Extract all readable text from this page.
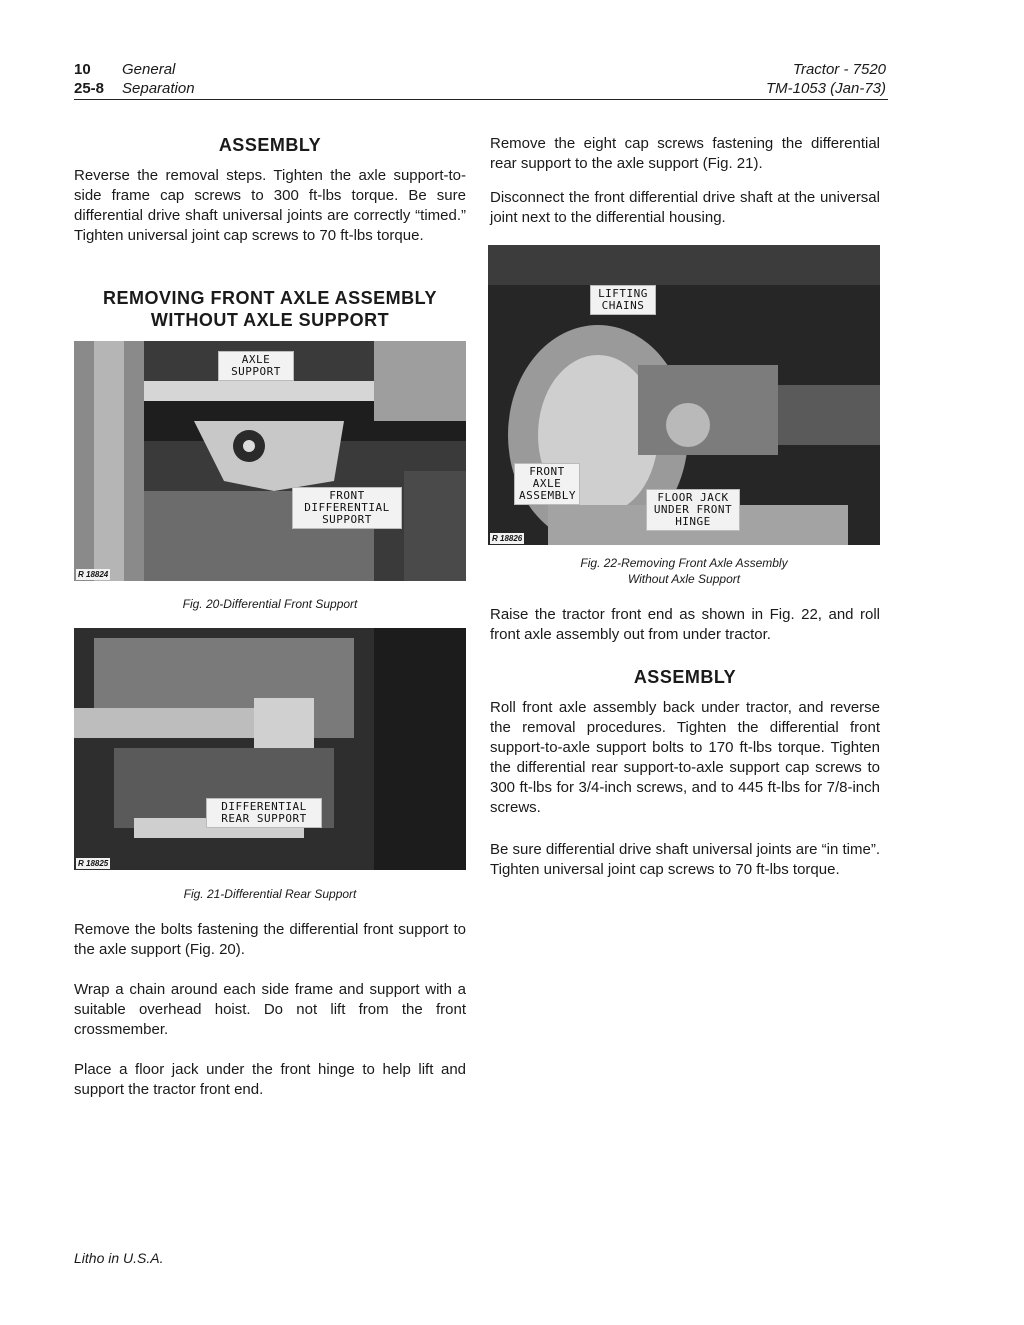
10 General
25-8 Separation
Tractor - 7520
TM-1053 (Jan-73)
ASSEMBLY

Reverse the removal steps. Tighten the axle support-to-side frame cap screws to 300 ft-lbs torque. Be sure differential drive shaft universal joints are correctly “timed.” Tighten universal joint cap screws to 70 ft-lbs torque.

REMOVING FRONT AXLE ASSEMBLY
WITHOUT AXLE SUPPORT
AXLE SUPPORT
FRONT DIFFERENTIAL SUPPORT
R 18824
Fig. 20-Differential Front Support
DIFFERENTIAL REAR SUPPORT
R 18825
Fig. 21-Differential Rear Support

Remove the bolts fastening the differential front support to the axle support (Fig. 20).

Wrap a chain around each side frame and support with a suitable overhead hoist. Do not lift from the front crossmember.

Place a floor jack under the front hinge to help lift and support the tractor front end.

Remove the eight cap screws fastening the differential rear support to the axle support (Fig. 21).

Disconnect the front differential drive shaft at the universal joint next to the differential housing.

LIFTING CHAINS
FRONT AXLE ASSEMBLY	FLOOR JACK UNDER FRONT HINGE
R 18826
Fig. 22-Removing Front Axle Assembly
Without Axle Support

Raise the tractor front end as shown in Fig. 22, and roll front axle assembly out from under tractor.

ASSEMBLY

Roll front axle assembly back under tractor, and reverse the removal procedures. Tighten the differential front support-to-axle support bolts to 170 ft-lbs torque. Tighten the differential rear support-to-axle support cap screws to 300 ft-lbs for 3/4-inch screws, and to 445 ft-lbs for 7/8-inch screws.

Be sure differential drive shaft universal joints are “in time”. Tighten universal joint cap screws to 70 ft-lbs torque.

Litho in U.S.A.
